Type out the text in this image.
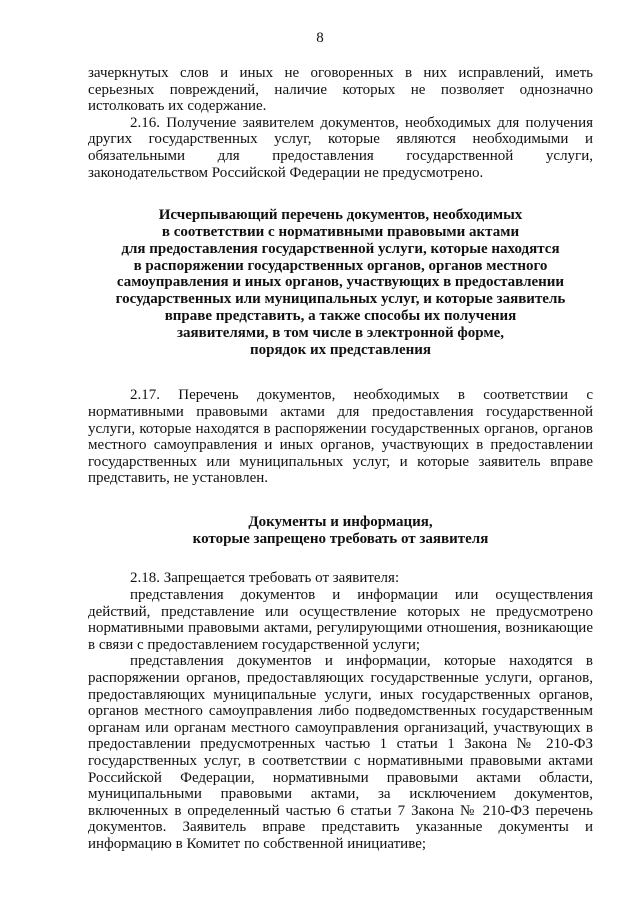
8

зачеркнутых слов и иных не оговоренных в них исправлений, иметь серьезных повреждений, наличие которых не позволяет однозначно истолковать их содержание.

2.16. Получение заявителем документов, необходимых для получения других государственных услуг, которые являются необходимыми и обязательными для предоставления государственной услуги, законодательством Российской Федерации не предусмотрено.

Исчерпывающий перечень документов, необходимых
в соответствии с нормативными правовыми актами
для предоставления государственной услуги, которые находятся
в распоряжении государственных органов, органов местного
самоуправления и иных органов, участвующих в предоставлении
государственных или муниципальных услуг, и которые заявитель
вправе представить, а также способы их получения
заявителями, в том числе в электронной форме,
порядок их представления

2.17. Перечень документов, необходимых в соответствии с нормативными правовыми актами для предоставления государственной услуги, которые находятся в распоряжении государственных органов, органов местного самоуправления и иных органов, участвующих в предоставлении государственных или муниципальных услуг, и которые заявитель вправе представить, не установлен.

Документы и информация,
которые запрещено требовать от заявителя

2.18. Запрещается требовать от заявителя:

представления документов и информации или осуществления действий, представление или осуществление которых не предусмотрено нормативными правовыми актами, регулирующими отношения, возникающие в связи с предоставлением государственной услуги;

представления документов и информации, которые находятся в распоряжении органов, предоставляющих государственные услуги, органов, предоставляющих муниципальные услуги, иных государственных органов, органов местного самоуправления либо подведомственных государственным органам или органам местного самоуправления организаций, участвующих в предоставлении предусмотренных частью 1 статьи 1 Закона № 210-ФЗ государственных услуг, в соответствии с нормативными правовыми актами Российской Федерации, нормативными правовыми актами области, муниципальными правовыми актами, за исключением документов, включенных в определенный частью 6 статьи 7 Закона № 210-ФЗ перечень документов. Заявитель вправе представить указанные документы и информацию в Комитет по собственной инициативе;
